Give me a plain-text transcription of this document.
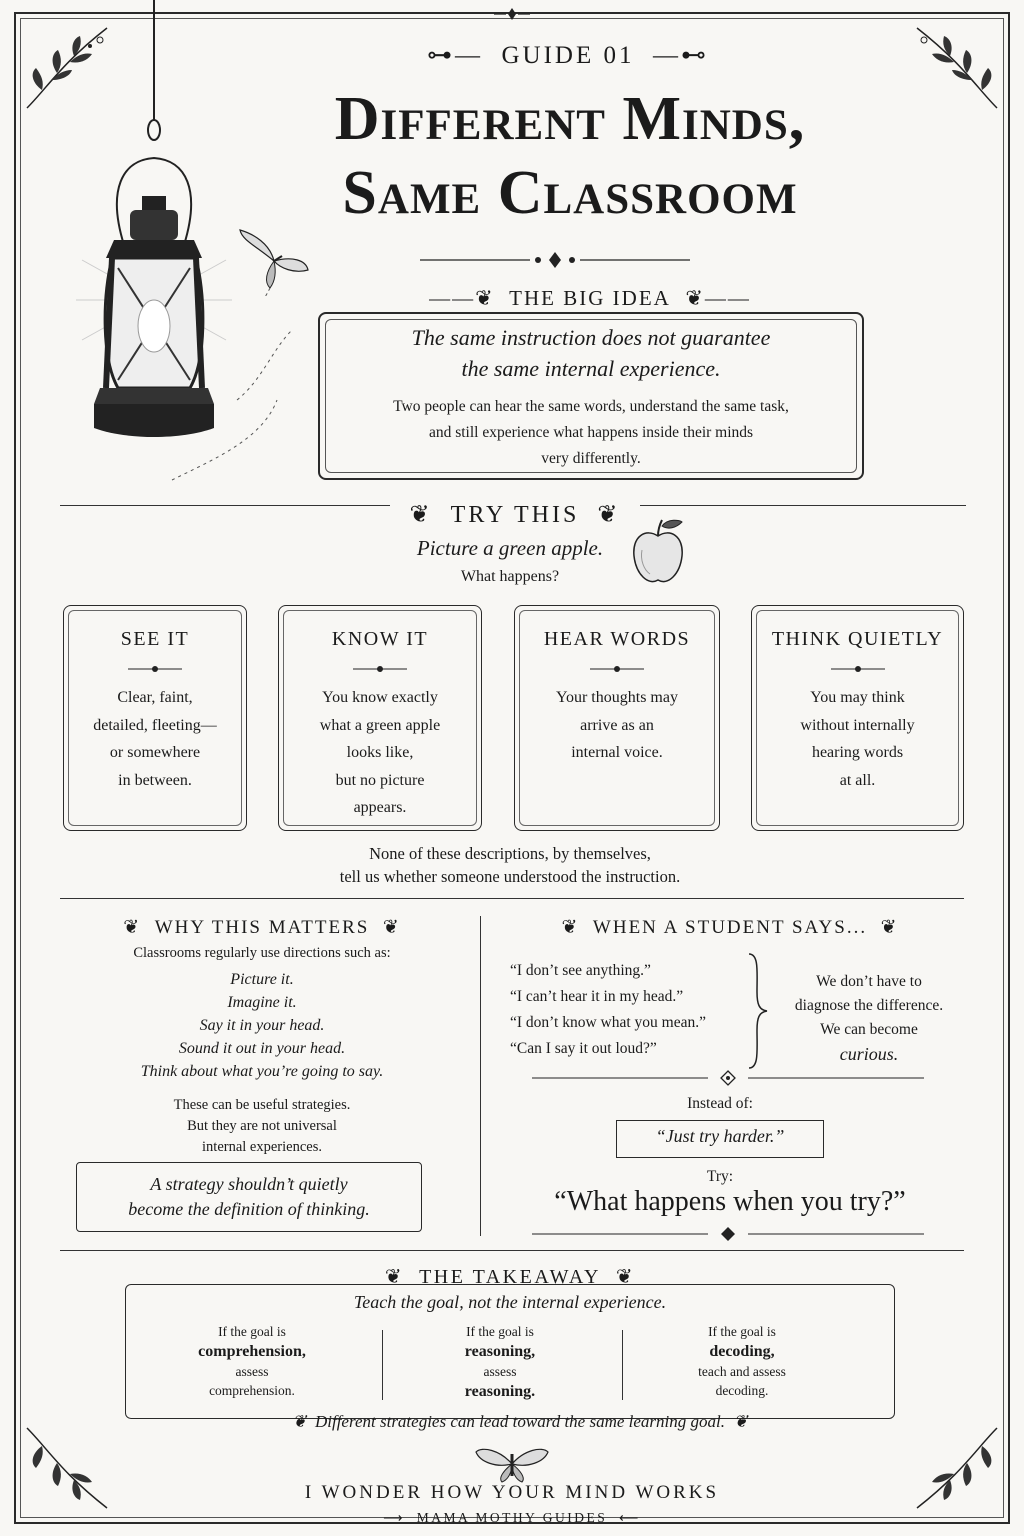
⊶—  GUIDE 01  —⊷
Different Minds,
Same Classroom
——❦  THE BIG IDEA  ❦——
The same instruction does not guarantee
the same internal experience.
Two people can hear the same words, understand the same task,
and still experience what happens inside their minds
very differently.
❦  TRY THIS  ❦
Picture a green apple.
What happens?
SEE IT
Clear, faint,
detailed, fleeting—
or somewhere
in between.
KNOW IT
You know exactly
what a green apple
looks like,
but no picture
appears.
HEAR WORDS
Your thoughts may
arrive as an
internal voice.
THINK QUIETLY
You may think
without internally
hearing words
at all.
None of these descriptions, by themselves,
tell us whether someone understood the instruction.
❦  WHY THIS MATTERS  ❦
Classrooms regularly use directions such as:
Picture it.
Imagine it.
Say it in your head.
Sound it out in your head.
Think about what you’re going to say.
These can be useful strategies.
But they are not universal
internal experiences.
A strategy shouldn’t quietly
become the definition of thinking.
❦  WHEN A STUDENT SAYS...  ❦
“I don’t see anything.”
“I can’t hear it in my head.”
“I don’t know what you mean.”
“Can I say it out loud?”
We don’t have to
diagnose the difference.
We can become
curious.
Instead of:
“Just try harder.”
Try:
“What happens when you try?”
❦  THE TAKEAWAY  ❦
Teach the goal, not the internal experience.
If the goal is
comprehension,
assess
comprehension.
If the goal is
reasoning,
assess
reasoning.
If the goal is
decoding,
teach and assess
decoding.
❦  Different strategies can lead toward the same learning goal.  ❦
I WONDER HOW YOUR MIND WORKS
⟶  MAMA MOTHY GUIDES  ⟵
